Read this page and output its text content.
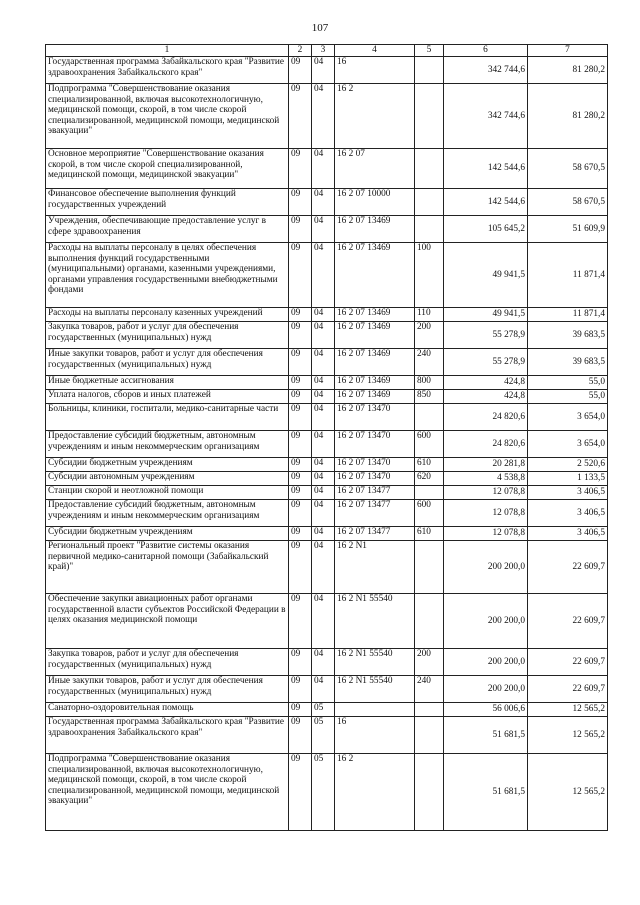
107
1	2	3	4	5	6	7
Государственная программа Забайкальского края "Развитие здравоохранения Забайкальского края"	09	04	16		342 744,6	81 280,2
Подпрограмма "Совершенствование оказания специализированной, включая высокотехнологичную, медицинской помощи, скорой, в том числе скорой специализированной, медицинской помощи, медицинской эвакуации"	09	04	16 2		342 744,6	81 280,2
Основное мероприятие "Совершенствование оказания скорой, в том числе скорой специализированной, медицинской помощи, медицинской эвакуации"	09	04	16 2 07		142 544,6	58 670,5
Финансовое обеспечение выполнения функций государственных учреждений	09	04	16 2 07 10000		142 544,6	58 670,5
Учреждения, обеспечивающие предоставление услуг в сфере здравоохранения	09	04	16 2 07 13469		105 645,2	51 609,9
Расходы на выплаты персоналу в целях обеспечения выполнения функций государственными (муниципальными) органами, казенными учреждениями, органами управления государственными внебюджетными фондами	09	04	16 2 07 13469	100	49 941,5	11 871,4
Расходы на выплаты персоналу казенных учреждений	09	04	16 2 07 13469	110	49 941,5	11 871,4
Закупка товаров, работ и услуг для обеспечения государственных (муниципальных) нужд	09	04	16 2 07 13469	200	55 278,9	39 683,5
Иные закупки товаров, работ и услуг для обеспечения государственных (муниципальных) нужд	09	04	16 2 07 13469	240	55 278,9	39 683,5
Иные бюджетные ассигнования	09	04	16 2 07 13469	800	424,8	55,0
Уплата налогов, сборов и иных платежей	09	04	16 2 07 13469	850	424,8	55,0
Больницы, клиники, госпитали, медико-санитарные части	09	04	16 2 07 13470		24 820,6	3 654,0
Предоставление субсидий бюджетным, автономным учреждениям и иным некоммерческим организациям	09	04	16 2 07 13470	600	24 820,6	3 654,0
Субсидии бюджетным учреждениям	09	04	16 2 07 13470	610	20 281,8	2 520,6
Субсидии автономным учреждениям	09	04	16 2 07 13470	620	4 538,8	1 133,5
Станции скорой и неотложной помощи	09	04	16 2 07 13477		12 078,8	3 406,5
Предоставление субсидий бюджетным, автономным учреждениям и иным некоммерческим организациям	09	04	16 2 07 13477	600	12 078,8	3 406,5
Субсидии бюджетным учреждениям	09	04	16 2 07 13477	610	12 078,8	3 406,5
Региональный проект "Развитие системы оказания первичной медико-санитарной помощи (Забайкальский край)"	09	04	16 2 N1		200 200,0	22 609,7
Обеспечение закупки авиационных работ органами государственной власти субъектов Российской Федерации в целях оказания медицинской помощи	09	04	16 2 N1 55540		200 200,0	22 609,7
Закупка товаров, работ и услуг для обеспечения государственных (муниципальных) нужд	09	04	16 2 N1 55540	200	200 200,0	22 609,7
Иные закупки товаров, работ и услуг для обеспечения государственных (муниципальных) нужд	09	04	16 2 N1 55540	240	200 200,0	22 609,7
Санаторно-оздоровительная помощь	09	05			56 006,6	12 565,2
Государственная программа Забайкальского края "Развитие здравоохранения Забайкальского края"	09	05	16		51 681,5	12 565,2
Подпрограмма "Совершенствование оказания специализированной, включая высокотехнологичную, медицинской помощи, скорой, в том числе скорой специализированной, медицинской помощи, медицинской эвакуации"	09	05	16 2		51 681,5	12 565,2
